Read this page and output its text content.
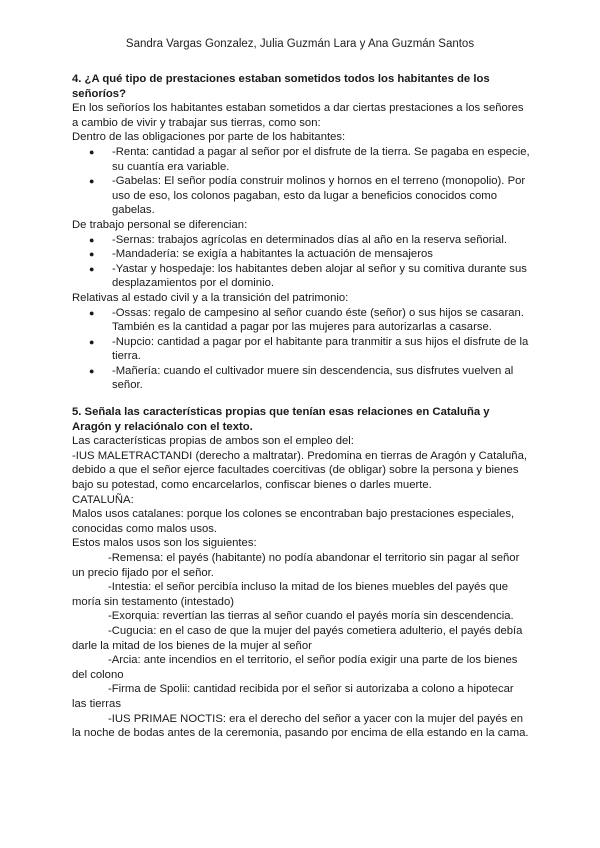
Sandra Vargas Gonzalez, Julia Guzmán Lara y Ana Guzmán Santos

4. ¿A qué tipo de prestaciones estaban sometidos todos los habitantes de los señoríos?

En los señoríos los habitantes estaban sometidos a dar ciertas prestaciones a los señores a cambio de vivir y trabajar sus tierras, como son:

Dentro de las obligaciones por parte de los habitantes:

● -Renta: cantidad a pagar al señor por el disfrute de la tierra. Se pagaba en especie, su cuantía era variable.
● -Gabelas: El señor podía construir molinos y hornos en el terreno (monopolio). Por uso de eso, los colonos pagaban, esto da lugar a beneficios conocidos como gabelas.

De trabajo personal se diferencian:

● -Sernas: trabajos agrícolas en determinados días al año en la reserva señorial.
● -Mandadería: se exigía a habitantes la actuación de mensajeros
● -Yastar y hospedaje: los habitantes deben alojar al señor y su comitiva durante sus desplazamientos por el dominio.

Relativas al estado civil y a la transición del patrimonio:

● -Ossas: regalo de campesino al señor cuando éste (señor) o sus hijos se casaran. También es la cantidad a pagar por las mujeres para autorizarlas a casarse.
● -Nupcio: cantidad a pagar por el habitante para tranmitir a sus hijos el disfrute de la tierra.
● -Mañería: cuando el cultivador muere sin descendencia, sus disfrutes vuelven al señor.

5. Señala las características propias que tenían esas relaciones en Cataluña y Aragón y relaciónalo con el texto.

Las características propias de ambos son el empleo del:

-IUS MALETRACTANDI (derecho a maltratar). Predomina en tierras de Aragón y Cataluña, debido a que el señor ejerce facultades coercitivas (de obligar) sobre la persona y bienes bajo su potestad, como encarcelarlos, confiscar bienes o darles muerte.

CATALUÑA:

Malos usos catalanes: porque los colones se encontraban bajo prestaciones especiales, conocidas como malos usos.

Estos malos usos son los siguientes:

-Remensa: el payés (habitante) no podía abandonar el territorio sin pagar al señor un precio fijado por el señor.

-Intestia: el señor percibía incluso la mitad de los bienes muebles del payés que moría sin testamento (intestado)

-Exorquia: revertían las tierras al señor cuando el payés moría sin descendencia.

-Cugucia: en el caso de que la mujer del payés cometiera adulterio, el payés debía darle la mitad de los bienes de la mujer al señor

-Arcia: ante incendios en el territorio, el señor podía exigir una parte de los bienes del colono

-Firma de Spolii: cantidad recibida por el señor si autorizaba a colono a hipotecar las tierras

-IUS PRIMAE NOCTIS: era el derecho del señor a yacer con la mujer del payés en la noche de bodas antes de la ceremonia, pasando por encima de ella estando en la cama.
